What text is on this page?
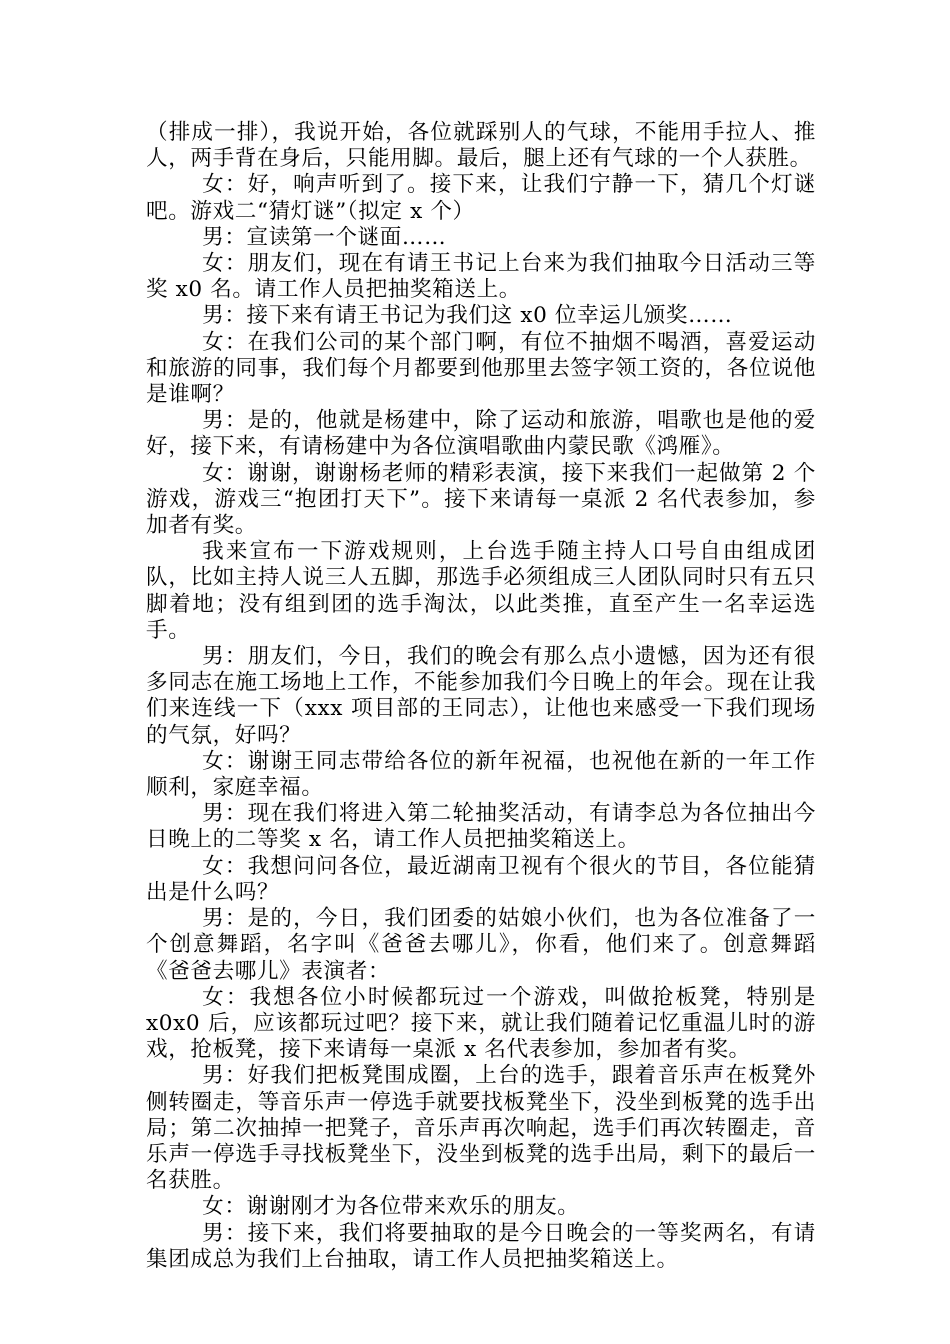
（排成一排），我说开始，各位就踩别人的气球，不能用手拉人、推人，两手背在身后，只能用脚。最后，腿上还有气球的一个人获胜。

女：好，响声听到了。接下来，让我们宁静一下，猜几个灯谜吧。游戏二“猜灯谜”（拟定 x 个）

男：宣读第一个谜面……

女：朋友们，现在有请王书记上台来为我们抽取今日活动三等奖 x0 名。请工作人员把抽奖箱送上。

男：接下来有请王书记为我们这 x0 位幸运儿颁奖……

女：在我们公司的某个部门啊，有位不抽烟不喝酒，喜爱运动和旅游的同事，我们每个月都要到他那里去签字领工资的，各位说他是谁啊？

男：是的，他就是杨建中，除了运动和旅游，唱歌也是他的爱好，接下来，有请杨建中为各位演唱歌曲内蒙民歌《鸿雁》。

女：谢谢，谢谢杨老师的精彩表演，接下来我们一起做第 2 个游戏，游戏三“抱团打天下”。接下来请每一桌派 2 名代表参加，参加者有奖。

我来宣布一下游戏规则，上台选手随主持人口号自由组成团队，比如主持人说三人五脚，那选手必须组成三人团队同时只有五只脚着地；没有组到团的选手淘汰，以此类推，直至产生一名幸运选手。

男：朋友们，今日，我们的晚会有那么点小遗憾，因为还有很多同志在施工场地上工作，不能参加我们今日晚上的年会。现在让我们来连线一下（xxx 项目部的王同志），让他也来感受一下我们现场的气氛，好吗？

女：谢谢王同志带给各位的新年祝福，也祝他在新的一年工作顺利，家庭幸福。

男：现在我们将进入第二轮抽奖活动，有请李总为各位抽出今日晚上的二等奖 x 名，请工作人员把抽奖箱送上。

女：我想问问各位，最近湖南卫视有个很火的节目，各位能猜出是什么吗？

男：是的，今日，我们团委的姑娘小伙们，也为各位准备了一个创意舞蹈，名字叫《爸爸去哪儿》，你看，他们来了。创意舞蹈《爸爸去哪儿》表演者：

女：我想各位小时候都玩过一个游戏，叫做抢板凳，特别是 x0x0 后，应该都玩过吧？接下来，就让我们随着记忆重温儿时的游戏，抢板凳，接下来请每一桌派 x 名代表参加，参加者有奖。

男：好我们把板凳围成圈，上台的选手，跟着音乐声在板凳外侧转圈走，等音乐声一停选手就要找板凳坐下，没坐到板凳的选手出局；第二次抽掉一把凳子，音乐声再次响起，选手们再次转圈走，音乐声一停选手寻找板凳坐下，没坐到板凳的选手出局，剩下的最后一名获胜。

女：谢谢刚才为各位带来欢乐的朋友。

男：接下来，我们将要抽取的是今日晚会的一等奖两名，有请集团成总为我们上台抽取，请工作人员把抽奖箱送上。
